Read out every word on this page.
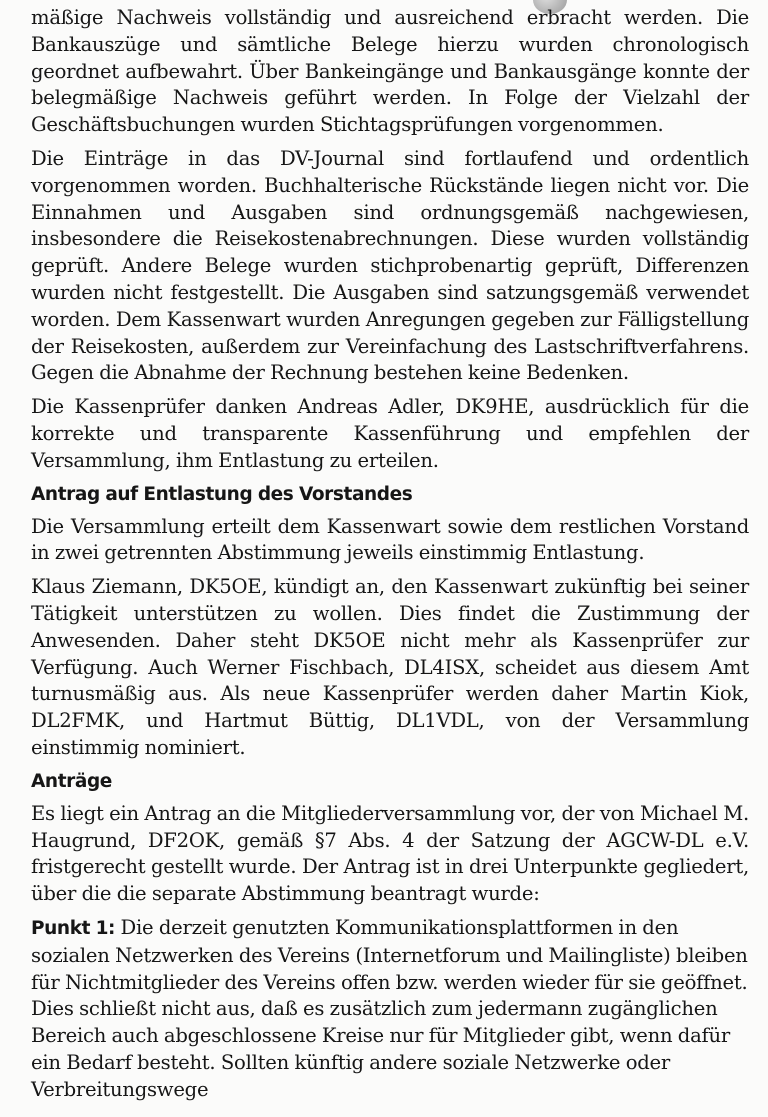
mäßige Nachweis vollständig und ausreichend erbracht werden. Die Bankauszüge und sämtliche Belege hierzu wurden chronologisch geordnet aufbewahrt. Über Bankeingänge und Bankausgänge konnte der belegmäßige Nachweis geführt werden. In Folge der Vielzahl der Geschäftsbuchungen wurden Stichtagsprüfungen vorgenommen.

Die Einträge in das DV-Journal sind fortlaufend und ordentlich vorgenommen worden. Buchhalterische Rückstände liegen nicht vor. Die Einnahmen und Ausgaben sind ordnungsgemäß nachgewiesen, insbesondere die Reisekostenabrechnungen. Diese wurden vollständig geprüft. Andere Belege wurden stichprobenartig geprüft, Differenzen wurden nicht festgestellt. Die Ausgaben sind satzungsgemäß verwendet worden. Dem Kassenwart wurden Anregungen gegeben zur Fälligstellung der Reisekosten, außerdem zur Vereinfachung des Lastschriftverfahrens. Gegen die Abnahme der Rechnung bestehen keine Bedenken.

Die Kassenprüfer danken Andreas Adler, DK9HE, ausdrücklich für die korrekte und transparente Kassenführung und empfehlen der Versammlung, ihm Entlastung zu erteilen.

Antrag auf Entlastung des Vorstandes

Die Versammlung erteilt dem Kassenwart sowie dem restlichen Vorstand in zwei getrennten Abstimmung jeweils einstimmig Entlastung.

Klaus Ziemann, DK5OE, kündigt an, den Kassenwart zukünftig bei seiner Tätigkeit unterstützen zu wollen. Dies findet die Zustimmung der Anwesenden. Daher steht DK5OE nicht mehr als Kassenprüfer zur Verfügung. Auch Werner Fischbach, DL4ISX, scheidet aus diesem Amt turnusmäßig aus. Als neue Kassenprüfer werden daher Martin Kiok, DL2FMK, und Hartmut Büttig, DL1VDL, von der Versammlung einstimmig nominiert.

Anträge

Es liegt ein Antrag an die Mitgliederversammlung vor, der von Michael M. Haugrund, DF2OK, gemäß §7 Abs. 4 der Satzung der AGCW-DL e.V. fristgerecht gestellt wurde. Der Antrag ist in drei Unterpunkte gegliedert, über die die separate Abstimmung beantragt wurde:

Punkt 1: Die derzeit genutzten Kommunikationsplattformen in den sozialen Netzwerken des Vereins (Internetforum und Mailingliste) bleiben für Nichtmitglieder des Vereins offen bzw. werden wieder für sie geöffnet. Dies schließt nicht aus, daß es zusätzlich zum jedermann zugänglichen Bereich auch abgeschlossene Kreise nur für Mitglieder gibt, wenn dafür ein Bedarf besteht. Sollten künftig andere soziale Netzwerke oder Verbreitungswege
